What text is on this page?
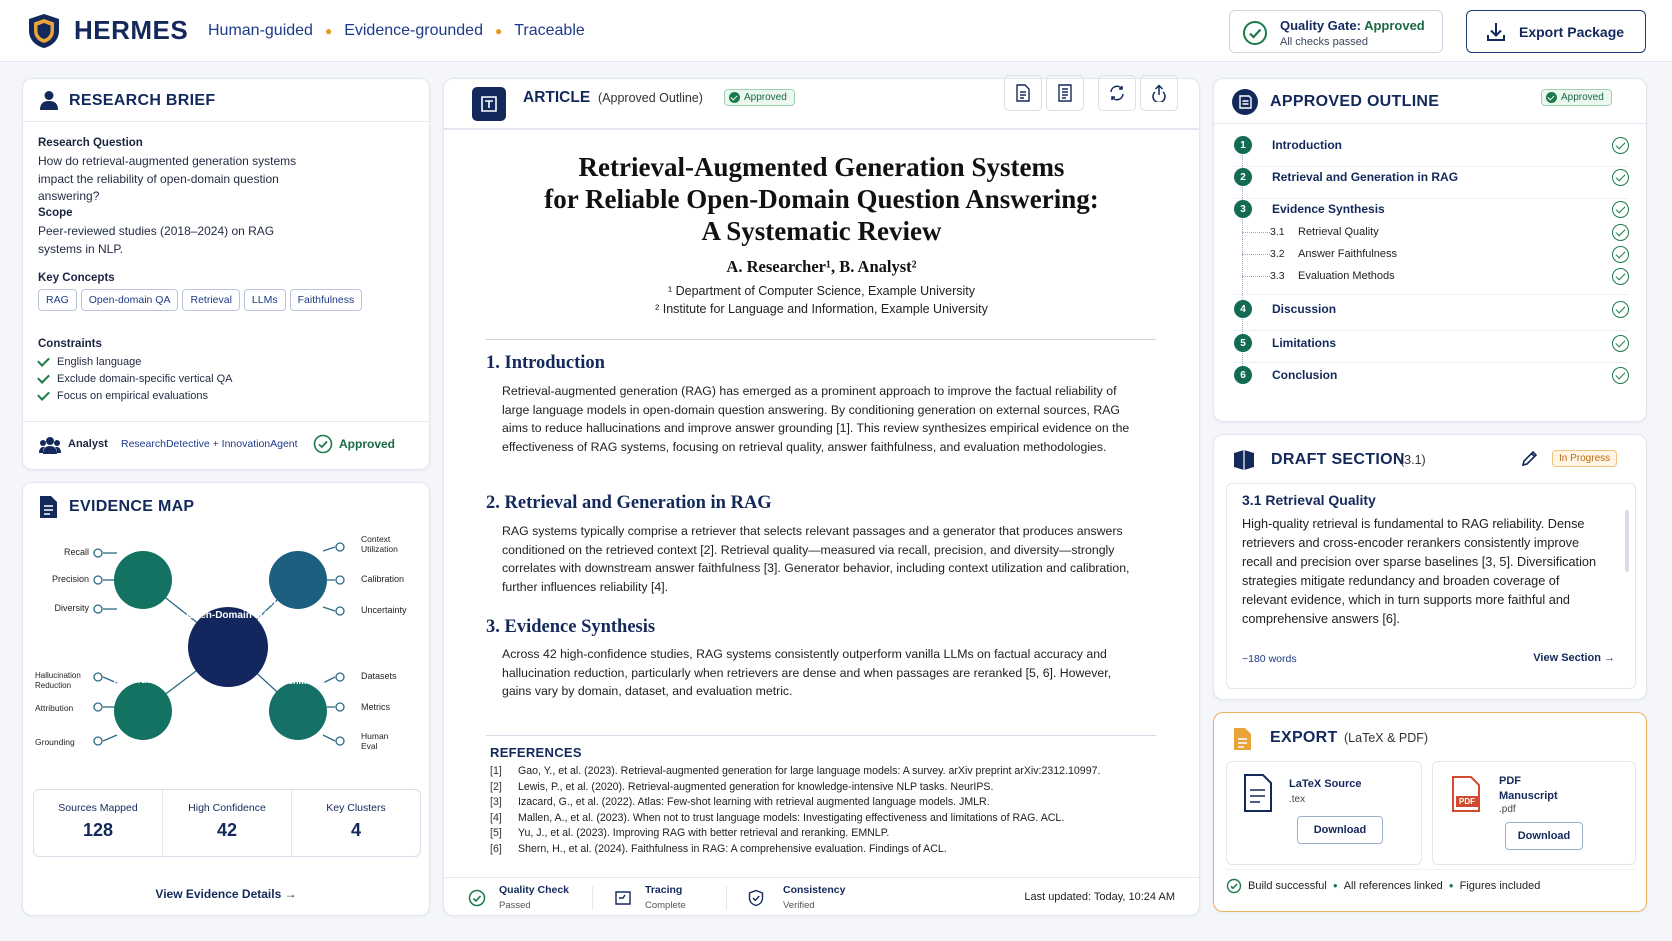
HERMES Human-guided ● Evidence-grounded ● Traceable	Quality Gate: Approved
All checks passed
Export Package
RESEARCH BRIEF
Research Question
How do retrieval-augmented generation systems impact the reliability of open-domain question answering?
Scope
Peer-reviewed studies (2018–2024) on RAG systems in NLP.
Key Concepts
RAG Open-domain QA Retrieval LLMs Faithfulness
Constraints
English language
Exclude domain-specific vertical QA
Focus on empirical evaluations
Analyst ResearchDetective + InnovationAgent	Approved
EVIDENCE MAP
Reliability of RAG in Open-Domain QA
Retrieval Quality
Generator Behavior
Answer Faithfulness
Evaluation & Benchmarks
Recall
Precision
Diversity
Context Utilization
Calibration
Uncertainty
Hallucination Reduction
Attribution
Grounding
Datasets
Metrics
Human Eval
Sources Mapped
128
High Confidence
42
Key Clusters
4
View Evidence Details →
ARTICLE (Approved Outline)	Approved
Retrieval-Augmented Generation Systems
for Reliable Open-Domain Question Answering:
A Systematic Review
A. Researcher¹, B. Analyst²
¹ Department of Computer Science, Example University
² Institute for Language and Information, Example University
1. Introduction
Retrieval-augmented generation (RAG) has emerged as a prominent approach to improve the factual reliability of large language models in open-domain question answering. By conditioning generation on external sources, RAG aims to reduce hallucinations and improve answer grounding [1]. This review synthesizes empirical evidence on the effectiveness of RAG systems, focusing on retrieval quality, answer faithfulness, and evaluation methodologies.
2. Retrieval and Generation in RAG
RAG systems typically comprise a retriever that selects relevant passages and a generator that produces answers conditioned on the retrieved context [2]. Retrieval quality—measured via recall, precision, and diversity—strongly correlates with downstream answer faithfulness [3]. Generator behavior, including context utilization and calibration, further influences reliability [4].
3. Evidence Synthesis
Across 42 high-confidence studies, RAG systems consistently outperform vanilla LLMs on factual accuracy and hallucination reduction, particularly when retrievers are dense and when passages are reranked [5, 6]. However, gains vary by domain, dataset, and evaluation metric.
REFERENCES
[1]	Gao, Y., et al. (2023). Retrieval-augmented generation for large language models: A survey. arXiv preprint arXiv:2312.10997.
[2]	Lewis, P., et al. (2020). Retrieval-augmented generation for knowledge-intensive NLP tasks. NeurIPS.
[3]	Izacard, G., et al. (2022). Atlas: Few-shot learning with retrieval augmented language models. JMLR.
[4]	Mallen, A., et al. (2023). When not to trust language models: Investigating effectiveness and limitations of RAG. ACL.
[5]	Yu, J., et al. (2023). Improving RAG with better retrieval and reranking. EMNLP.
[6]	Shern, H., et al. (2024). Faithfulness in RAG: A comprehensive evaluation. Findings of ACL.
Quality Check
Passed
Tracing
Complete
Consistency
Verified
Last updated: Today, 10:24 AM
APPROVED OUTLINE	Approved
1	Introduction
2	Retrieval and Generation in RAG
3	Evidence Synthesis
3.1	Retrieval Quality
3.2	Answer Faithfulness
3.3	Evaluation Methods
4	Discussion
5	Limitations
6	Conclusion
DRAFT SECTION
(3.1)	In Progress
3.1 Retrieval Quality
High-quality retrieval is fundamental to RAG reliability. Dense retrievers and cross-encoder rerankers consistently improve recall and precision over sparse baselines [3, 5]. Diversification strategies mitigate redundancy and broaden coverage of relevant evidence, which in turn supports more faithful and comprehensive answers [6].
~180 words	View Section →
EXPORT (LaTeX & PDF)
LaTeX Source
.tex
Download
PDF
PDF
Manuscript
.pdf
Download
Build successful ● All references linked ● Figures included
